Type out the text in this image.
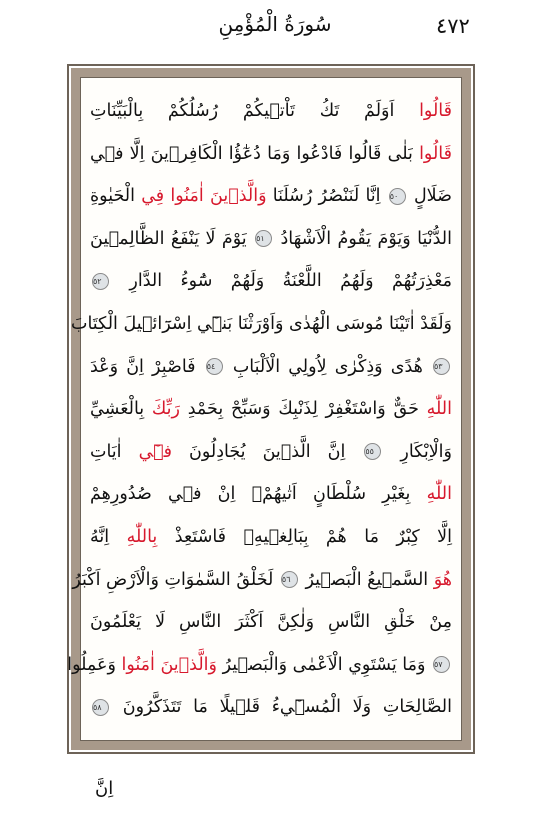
سُورَةُ الْمُؤْمِنِ	٤٧٢
قَالُوا اَوَلَمْ تَكُ تَاْت۪يكُمْ رُسُلُكُمْ بِالْبَيِّنَاتِ
قَالُوا بَلٰى قَالُوا فَادْعُوا وَمَا دُعٰٓؤُا الْكَافِر۪ينَ اِلَّا ف۪ي
ضَلَالٍ ٥٠ اِنَّا لَنَنْصُرُ رُسُلَنَا وَالَّذ۪ينَ اٰمَنُوا فِي الْحَيٰوةِ
الدُّنْيَا وَيَوْمَ يَقُومُ الْاَشْهَادُ ٥١ يَوْمَ لَا يَنْفَعُ الظَّالِم۪ينَ
مَعْذِرَتُهُمْ وَلَهُمُ اللَّعْنَةُ وَلَهُمْ سُٓوءُ الدَّارِ ٥٢
وَلَقَدْ اٰتَيْنَا مُوسَى الْهُدٰى وَاَوْرَثْنَا بَن۪ٓي اِسْرَٓائ۪يلَ الْكِتَابَ
٥٣ هُدًى وَذِكْرٰى لِاُولِي الْاَلْبَابِ ٥٤ فَاصْبِرْ اِنَّ وَعْدَ
اللّٰهِ حَقٌّ وَاسْتَغْفِرْ لِذَنْبِكَ وَسَبِّحْ بِحَمْدِ رَبِّكَ بِالْعَشِيِّ
وَالْاِبْكَارِ ٥٥ اِنَّ الَّذ۪ينَ يُجَادِلُونَ ف۪ٓي اٰيَاتِ
اللّٰهِ بِغَيْرِ سُلْطَانٍ اَتٰيهُمْۙ اِنْ ف۪ي صُدُورِهِمْ
اِلَّا كِبْرٌ مَا هُمْ بِبَالِغ۪يهِۚ فَاسْتَعِذْ بِاللّٰهِ اِنَّهُ
هُوَ السَّم۪يعُ الْبَص۪يرُ ٥٦ لَخَلْقُ السَّمٰوَاتِ وَالْاَرْضِ اَكْبَرُ
مِنْ خَلْقِ النَّاسِ وَلٰكِنَّ اَكْثَرَ النَّاسِ لَا يَعْلَمُونَ
٥٧ وَمَا يَسْتَوِي الْاَعْمٰى وَالْبَص۪يرُ وَالَّذ۪ينَ اٰمَنُوا وَعَمِلُوا
الصَّالِحَاتِ وَلَا الْمُس۪ٓيءُ قَل۪يلًا مَا تَتَذَكَّرُونَ ٥٨
اِنَّ
